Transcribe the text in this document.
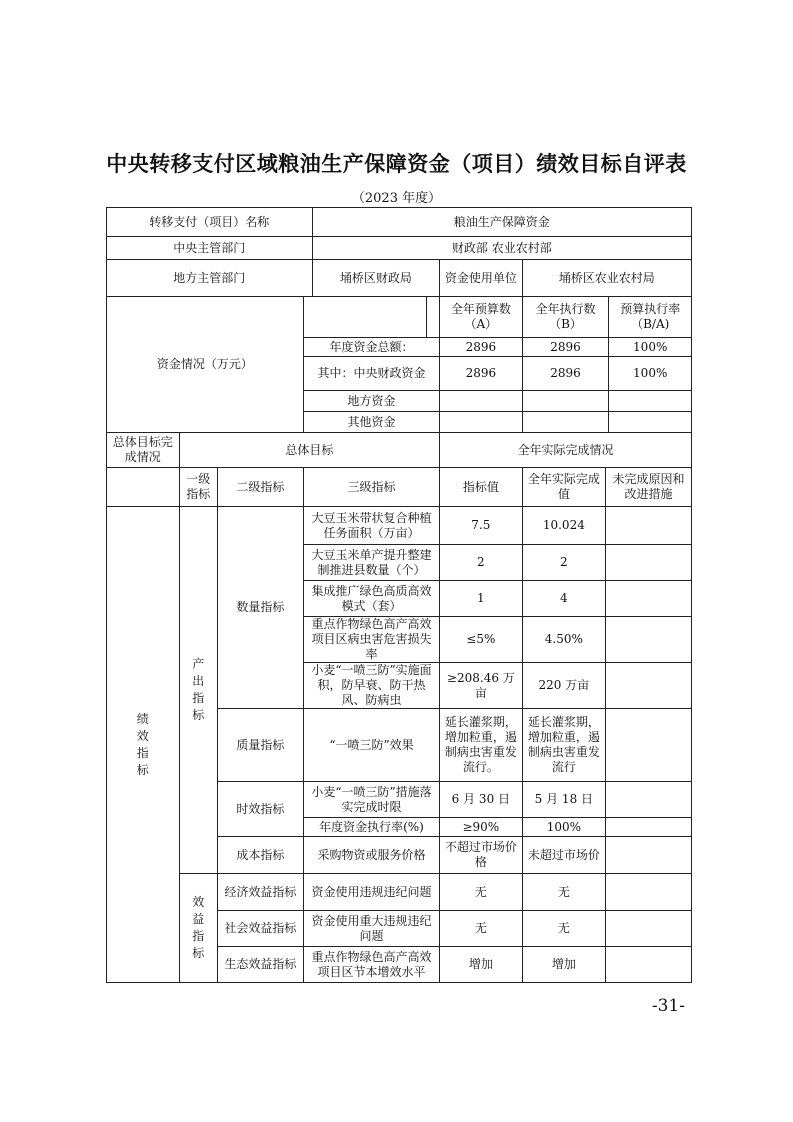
中央转移支付区域粮油生产保障资金（项目）绩效目标自评表
（2023 年度）
转移支付（项目）名称				粮油生产保障资金					
中央主管部门				财政部 农业农村部					
地方主管部门				埇桥区财政局		资金使用单位	埇桥区农业农村局		
资金情况（万元）						全年预算数（A）	全年执行数（B）		预算执行率（B/A)
			年度资金总额：			2896	2896		100%
			其中：中央财政资金			2896	2896		100%
			地方资金						
			其他资金						
总体目标完成情况	总体目标					全年实际完成情况			
	一级指标	二级指标	三级指标			指标值	全年实际完成值	未完成原因和改进措施	

绩效指标	产出指标	数量指标	大豆玉米带状复合种植任务面积（万亩）			7.5	10.024		
			大豆玉米单产提升整建制推进县数量（个）			2	2		
			集成推广绿色高质高效模式（套）			1	4		
			重点作物绿色高产高效项目区病虫害危害损失率			≤5%	4.50%		
			小麦“一喷三防”实施面积，防早衰、防干热风、防病虫			≥208.46 万亩	220 万亩		
		质量指标	“一喷三防”效果			延长灌浆期，增加粒重，遏制病虫害重发流行。	延长灌浆期，增加粒重，遏制病虫害重发流行		
		时效指标	小麦“一喷三防”措施落实完成时限			6 月 30 日	5 月 18 日		
			年度资金执行率(%)			≥90%	100%		
		成本指标	采购物资或服务价格			不超过市场价格	未超过市场价		

	效益指标	经济效益指标	资金使用违规违纪问题			无	无		
		社会效益指标	资金使用重大违规违纪问题			无	无		
		生态效益指标	重点作物绿色高产高效项目区节本增效水平			增加	增加		
-31-
